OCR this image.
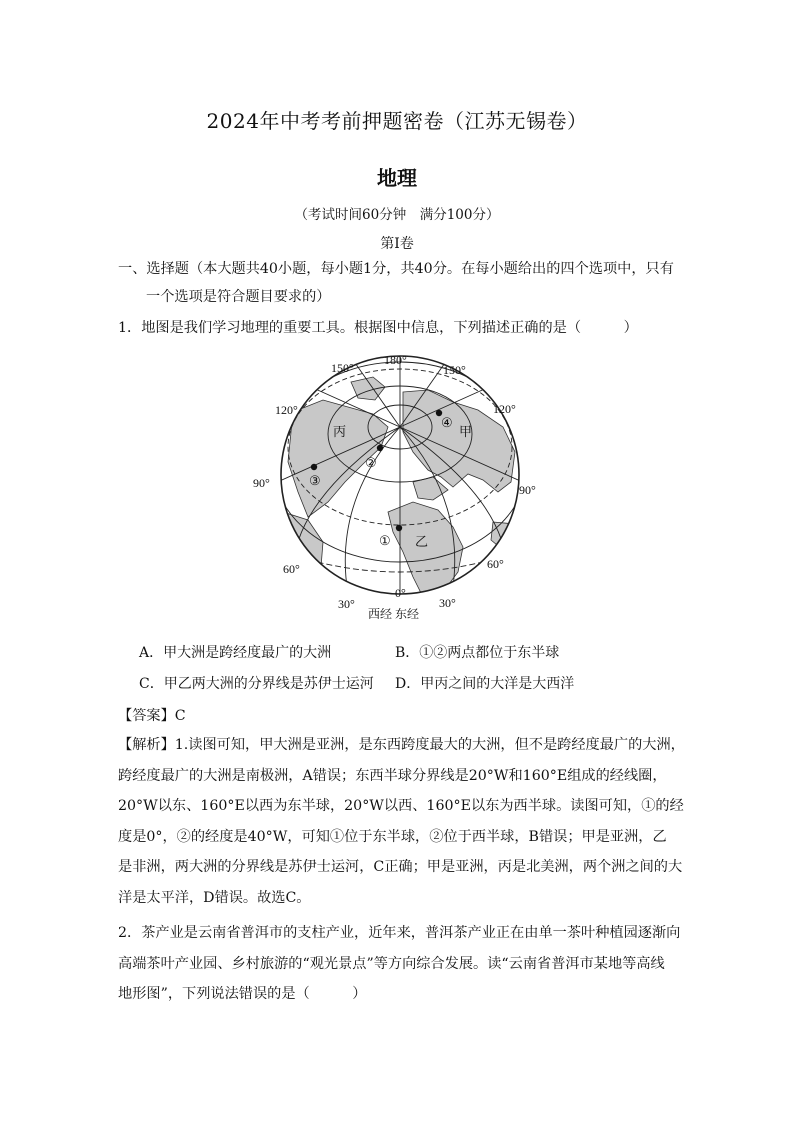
2024年中考考前押题密卷（江苏无锡卷）
地理
（考试时间60分钟　满分100分）
第Ⅰ卷
一、选择题（本大题共40小题，每小题1分，共40分。在每小题给出的四个选项中，只有
一个选项是符合题目要求的）
1．地图是我们学习地理的重要工具。根据图中信息，下列描述正确的是（　　　）
180°
150°	150°
120°	120°
90°	90°
60°	60°
30°	30°
0°
西经 东经
丙	甲
乙
①
②
③
④
A．甲大洲是跨经度最广的大洲	B．①②两点都位于东半球
C．甲乙两大洲的分界线是苏伊士运河 D．甲丙之间的大洋是大西洋
【答案】C
【解析】1.读图可知，甲大洲是亚洲，是东西跨度最大的大洲，但不是跨经度最广的大洲，
跨经度最广的大洲是南极洲，A错误；东西半球分界线是20°W和160°E组成的经线圈，
20°W以东、160°E以西为东半球，20°W以西、160°E以东为西半球。读图可知，①的经
度是0°，②的经度是40°W，可知①位于东半球，②位于西半球，B错误；甲是亚洲，乙
是非洲，两大洲的分界线是苏伊士运河，C正确；甲是亚洲，丙是北美洲，两个洲之间的大
洋是太平洋，D错误。故选C。
2．茶产业是云南省普洱市的支柱产业，近年来，普洱茶产业正在由单一茶叶种植园逐渐向
高端茶叶产业园、乡村旅游的“观光景点”等方向综合发展。读“云南省普洱市某地等高线
地形图”，下列说法错误的是（　　　）
